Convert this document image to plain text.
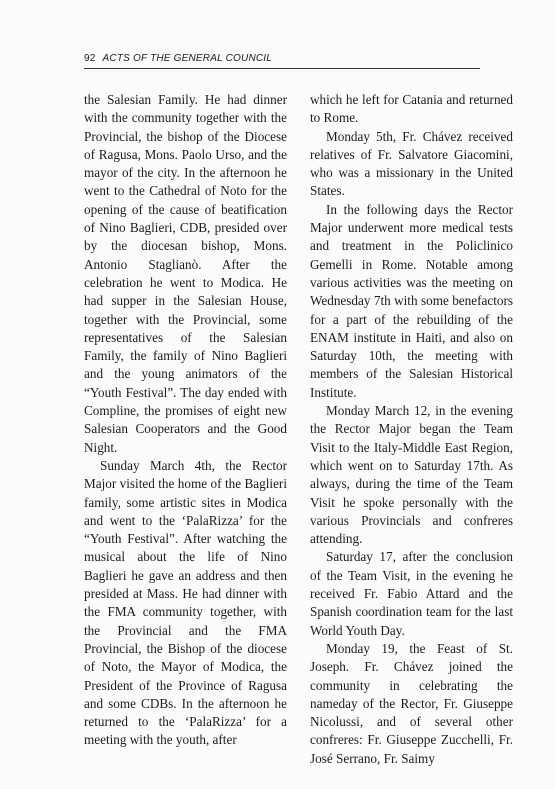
92 ACTS OF THE GENERAL COUNCIL

the Salesian Family. He had dinner with the community together with the Provincial, the bishop of the Diocese of Ragusa, Mons. Paolo Urso, and the mayor of the city. In the afternoon he went to the Cathedral of Noto for the opening of the cause of beatification of Nino Baglieri, CDB, presided over by the diocesan bishop, Mons. Antonio Staglianò. After the celebration he went to Modica. He had supper in the Salesian House, together with the Provincial, some representatives of the Salesian Family, the family of Nino Baglieri and the young animators of the “Youth Festival”. The day ended with Compline, the promises of eight new Salesian Cooperators and the Good Night.

Sunday March 4th, the Rector Major visited the home of the Baglieri family, some artistic sites in Modica and went to the ‘PalaRizza’ for the “Youth Festival”. After watching the musical about the life of Nino Baglieri he gave an address and then presided at Mass. He had dinner with the FMA community together, with the Provincial and the FMA Provincial, the Bishop of the diocese of Noto, the Mayor of Modica, the President of the Province of Ragusa and some CDBs. In the afternoon he returned to the ‘PalaRizza’ for a meeting with the youth, after

which he left for Catania and returned to Rome.

Monday 5th, Fr. Chávez received relatives of Fr. Salvatore Giacomini, who was a missionary in the United States.

In the following days the Rector Major underwent more medical tests and treatment in the Policlinico Gemelli in Rome. Notable among various activities was the meeting on Wednesday 7th with some benefactors for a part of the rebuilding of the ENAM institute in Haiti, and also on Saturday 10th, the meeting with members of the Salesian Historical Institute.

Monday March 12, in the evening the Rector Major began the Team Visit to the Italy-Middle East Region, which went on to Saturday 17th. As always, during the time of the Team Visit he spoke personally with the various Provincials and confreres attending.

Saturday 17, after the conclusion of the Team Visit, in the evening he received Fr. Fabio Attard and the Spanish coordination team for the last World Youth Day.

Monday 19, the Feast of St. Joseph. Fr. Chávez joined the community in celebrating the nameday of the Rector, Fr. Giuseppe Nicolussi, and of several other confreres: Fr. Giuseppe Zucchelli, Fr. José Serrano, Fr. Saimy
